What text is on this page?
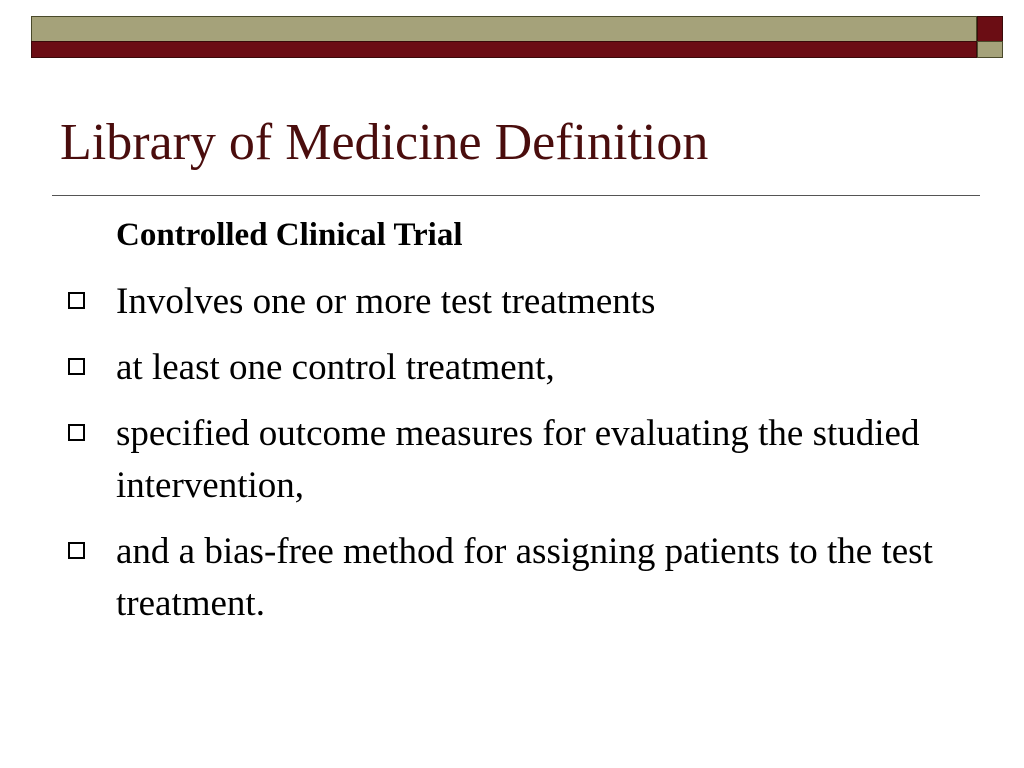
Library of Medicine Definition
Controlled Clinical Trial
Involves one or more test treatments
at least one control treatment,
specified outcome measures for evaluating the studied intervention,
and a bias-free method for assigning patients to the test treatment.
